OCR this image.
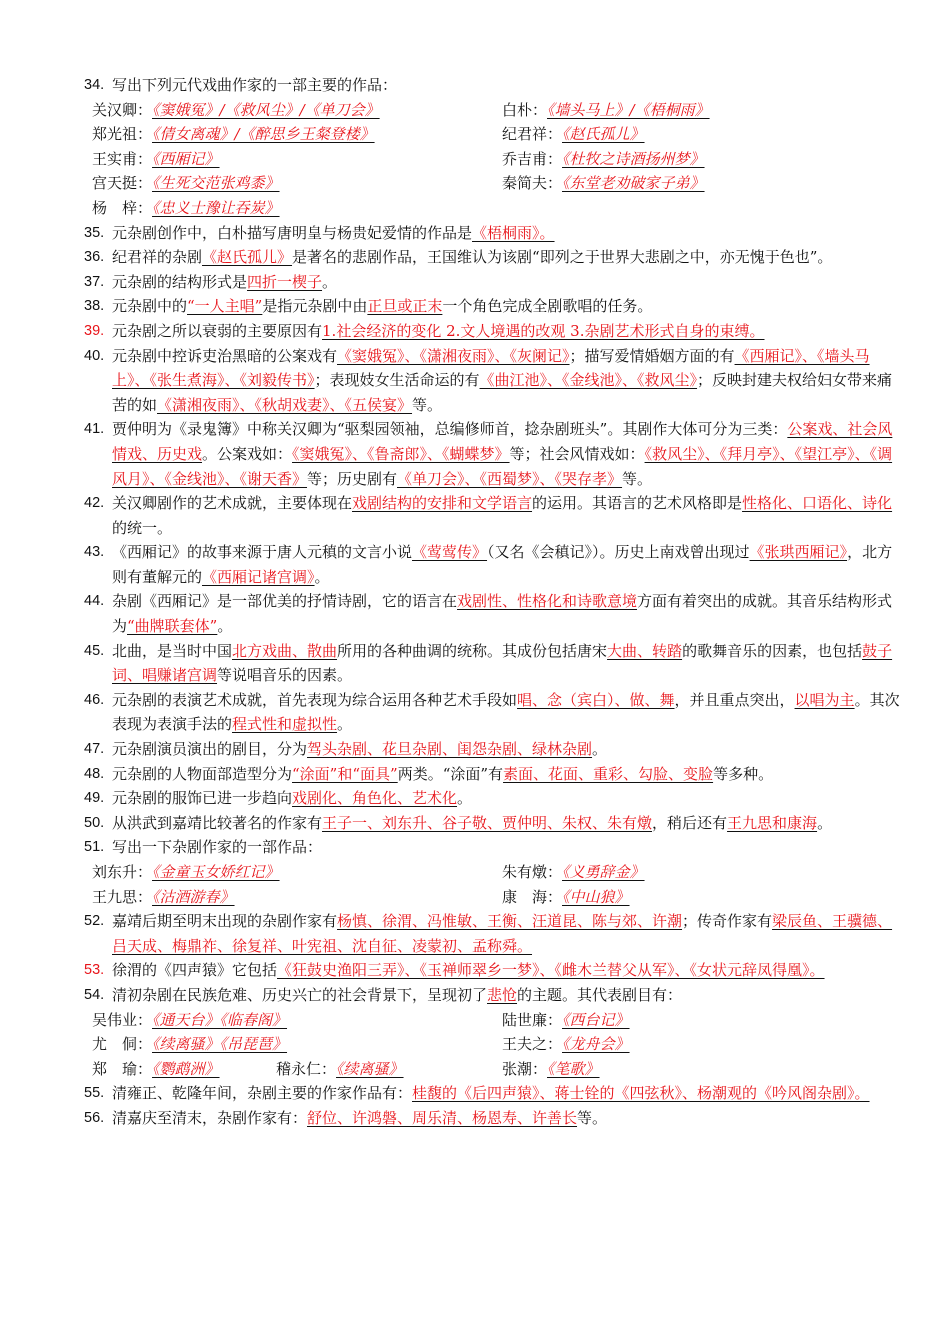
34. 写出下列元代戏曲作家的一部主要的作品：
关汉卿：《窦娥冤》/《救风尘》/《单刀会》	白朴：《墙头马上》/《梧桐雨》
郑光祖：《倩女离魂》/《醉思乡王粲登楼》	纪君祥：《赵氏孤儿》
王实甫：《西厢记》	乔吉甫：《杜牧之诗酒扬州梦》
宫天挺：《生死交范张鸡黍》	秦简夫：《东堂老劝破家子弟》
杨　梓：《忠义士豫让吞炭》
35. 元杂剧创作中，白朴描写唐明皇与杨贵妃爱情的作品是《梧桐雨》。
36. 纪君祥的杂剧《赵氏孤儿》是著名的悲剧作品，王国维认为该剧“即列之于世界大悲剧之中，亦无愧于色也”。
37. 元杂剧的结构形式是四折一楔子。
38. 元杂剧中的“一人主唱”是指元杂剧中由正旦或正末一个角色完成全剧歌唱的任务。
39. 元杂剧之所以衰弱的主要原因有1.社会经济的变化 2.文人境遇的改观 3.杂剧艺术形式自身的束缚。
40. 元杂剧中控诉吏治黑暗的公案戏有《窦娥冤》、《潇湘夜雨》、《灰阑记》；描写爱情婚姻方面的有《西厢记》、《墙头马上》、《张生煮海》、《刘毅传书》；表现妓女生活命运的有《曲江池》、《金线池》、《救风尘》；反映封建夫权给妇女带来痛苦的如《潇湘夜雨》、《秋胡戏妻》、《五侯宴》等。
41. 贾仲明为《录鬼簿》中称关汉卿为“驱梨园领袖，总编修师首，捻杂剧班头”。其剧作大体可分为三类：公案戏、社会风情戏、历史戏。公案戏如：《窦娥冤》、《鲁斋郎》、《蝴蝶梦》等；社会风情戏如：《救风尘》、《拜月亭》、《望江亭》、《调风月》、《金线池》、《谢天香》等；历史剧有《单刀会》、《西蜀梦》、《哭存孝》等。
42. 关汉卿剧作的艺术成就，主要体现在戏剧结构的安排和文学语言的运用。其语言的艺术风格即是性格化、口语化、诗化的统一。
43. 《西厢记》的故事来源于唐人元稹的文言小说《莺莺传》（又名《会稹记》）。历史上南戏曾出现过《张珙西厢记》，北方则有董解元的《西厢记诸宫调》。
44. 杂剧《西厢记》是一部优美的抒情诗剧，它的语言在戏剧性、性格化和诗歌意境方面有着突出的成就。其音乐结构形式为“曲牌联套体”。
45. 北曲，是当时中国北方戏曲、散曲所用的各种曲调的统称。其成份包括唐宋大曲、转踏的歌舞音乐的因素，也包括鼓子词、唱赚诸宫调等说唱音乐的因素。
46. 元杂剧的表演艺术成就，首先表现为综合运用各种艺术手段如唱、念（宾白）、做、舞，并且重点突出，以唱为主。其次表现为表演手法的程式性和虚拟性。
47. 元杂剧演员演出的剧目，分为驾头杂剧、花旦杂剧、闺怨杂剧、绿林杂剧。
48. 元杂剧的人物面部造型分为“涂面”和“面具”两类。“涂面”有素面、花面、重彩、勾脸、变脸等多种。
49. 元杂剧的服饰已进一步趋向戏剧化、角色化、艺术化。
50. 从洪武到嘉靖比较著名的作家有王子一、刘东升、谷子敬、贾仲明、朱权、朱有燉，稍后还有王九思和康海。
51. 写出一下杂剧作家的一部作品：
刘东升：《金童玉女娇红记》	朱有燉：《义勇辞金》
王九思：《沽酒游春》	康　海：《中山狼》
52. 嘉靖后期至明末出现的杂剧作家有杨慎、徐渭、冯惟敏、王衡、汪道昆、陈与郊、许潮；传奇作家有梁辰鱼、王骥德、吕天成、梅鼎祚、徐复祥、叶宪祖、沈自征、凌蒙初、孟称舜。
53. 徐渭的《四声猿》它包括《狂鼓史渔阳三弄》、《玉禅师翠乡一梦》、《雌木兰替父从军》、《女状元辞凤得凰》。
54. 清初杂剧在民族危难、历史兴亡的社会背景下，呈现初了悲怆的主题。其代表剧目有：
吴伟业：《通天台》《临春阁》	陆世廉：《西台记》
尤　侗：《续离骚》《吊琵琶》	王夫之：《龙舟会》
郑　瑜：《鹦鹉洲》	稽永仁：《续离骚》	张潮：《笔歌》
55. 清雍正、乾隆年间，杂剧主要的作家作品有：桂馥的《后四声猿》、蒋士铨的《四弦秋》、杨潮观的《吟风阁杂剧》。
56. 清嘉庆至清末，杂剧作家有：舒位、许鸿磐、周乐清、杨恩寿、许善长等。
